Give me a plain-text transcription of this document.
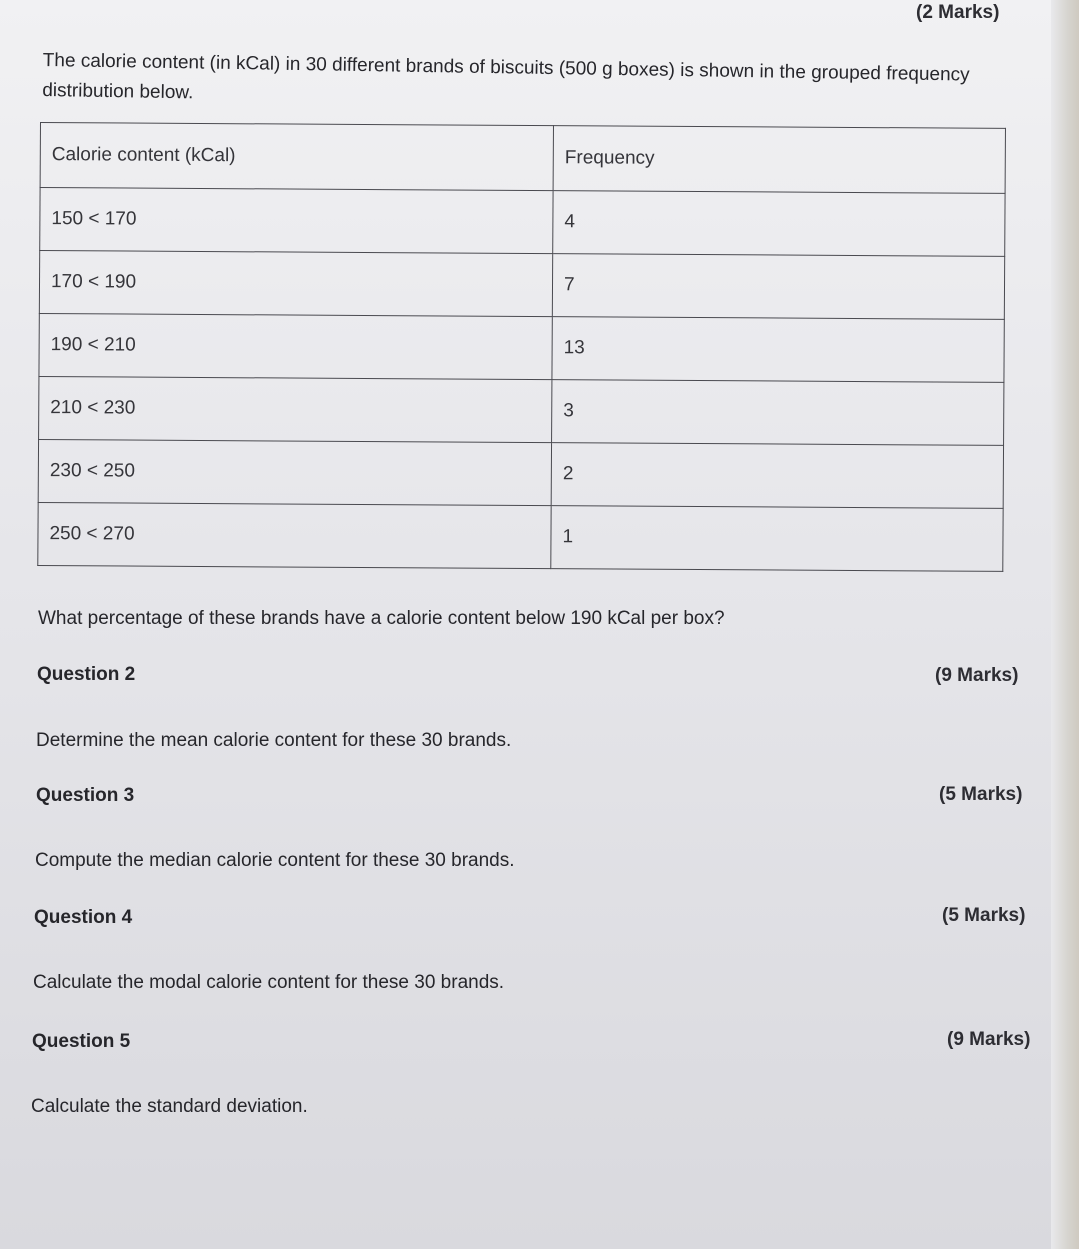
(2 Marks)
The calorie content (in kCal) in 30 different brands of biscuits (500 g boxes) is shown in the grouped frequency distribution below.
Calorie content (kCal)	Frequency
150 < 170	4
170 < 190	7
190 < 210	13
210 < 230	3
230 < 250	2
250 < 270	1
What percentage of these brands have a calorie content below 190 kCal per box?
Question 2	(9 Marks)
Determine the mean calorie content for these 30 brands.
Question 3	(5 Marks)
Compute the median calorie content for these 30 brands.
Question 4	(5 Marks)
Calculate the modal calorie content for these 30 brands.
Question 5	(9 Marks)
Calculate the standard deviation.
